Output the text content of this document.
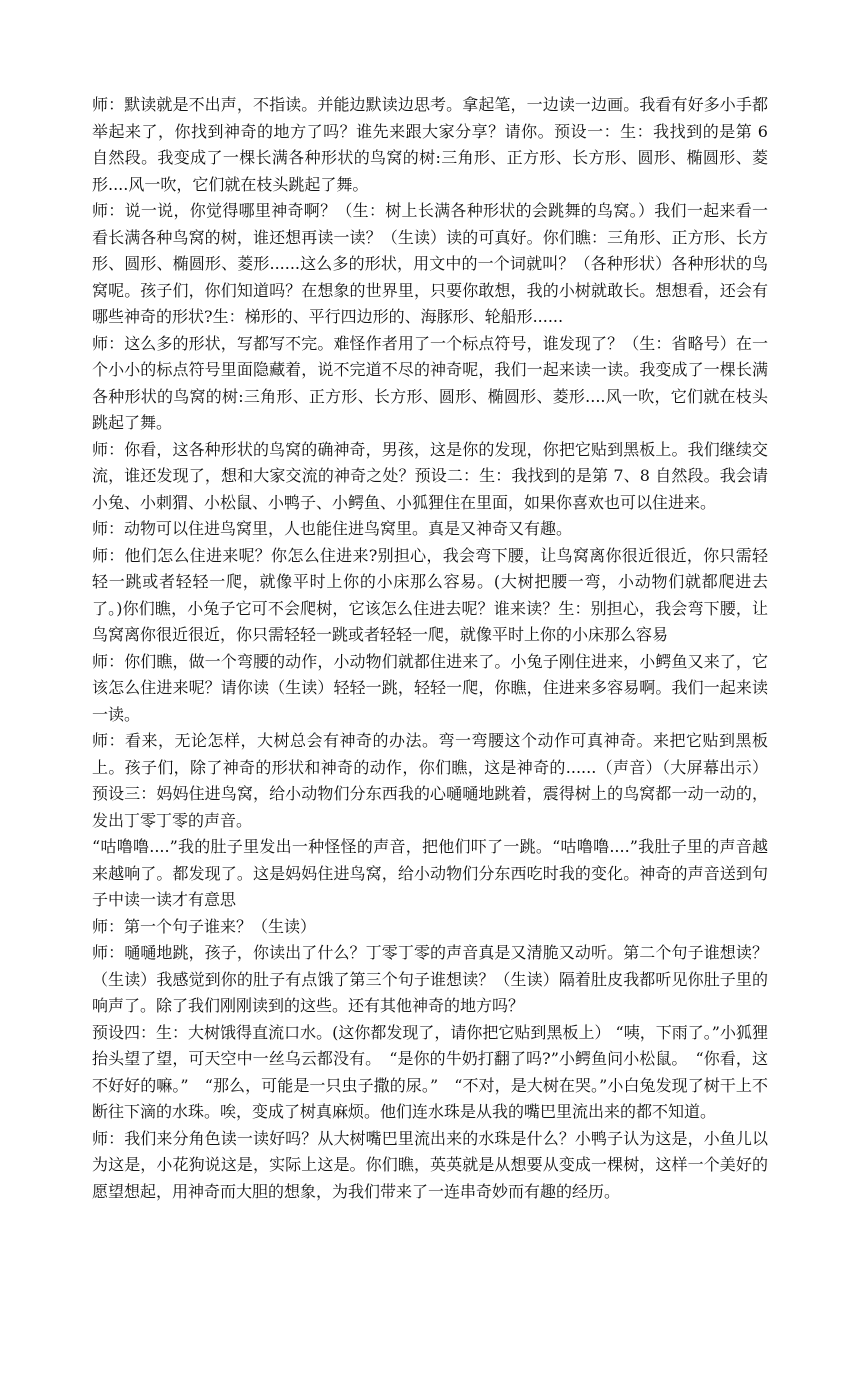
师：默读就是不出声，不指读。并能边默读边思考。拿起笔，一边读一边画。我看有好多小手都举起来了，你找到神奇的地方了吗？谁先来跟大家分享？请你。预设一：生：我找到的是第 6 自然段。我变成了一棵长满各种形状的鸟窝的树:三角形、正方形、长方形、圆形、椭圆形、菱形....风一吹，它们就在枝头跳起了舞。

师：说一说，你觉得哪里神奇啊？（生：树上长满各种形状的会跳舞的鸟窝。）我们一起来看一看长满各种鸟窝的树，谁还想再读一读？（生读）读的可真好。你们瞧：三角形、正方形、长方形、圆形、椭圆形、菱形......这么多的形状，用文中的一个词就叫？（各种形状）各种形状的鸟窝呢。孩子们，你们知道吗？在想象的世界里，只要你敢想，我的小树就敢长。想想看，还会有哪些神奇的形状?生：梯形的、平行四边形的、海豚形、轮船形......

师：这么多的形状，写都写不完。难怪作者用了一个标点符号，谁发现了？（生：省略号）在一个小小的标点符号里面隐藏着，说不完道不尽的神奇呢，我们一起来读一读。我变成了一棵长满各种形状的鸟窝的树:三角形、正方形、长方形、圆形、椭圆形、菱形....风一吹，它们就在枝头跳起了舞。

师：你看，这各种形状的鸟窝的确神奇，男孩，这是你的发现，你把它贴到黑板上。我们继续交流，谁还发现了，想和大家交流的神奇之处？预设二：生：我找到的是第 7、8 自然段。我会请小兔、小刺猬、小松鼠、小鸭子、小鳄鱼、小狐狸住在里面，如果你喜欢也可以住进来。

师：动物可以住进鸟窝里，人也能住进鸟窝里。真是又神奇又有趣。

师：他们怎么住进来呢？你怎么住进来?别担心，我会弯下腰，让鸟窝离你很近很近，你只需轻轻一跳或者轻轻一爬，就像平时上你的小床那么容易。(大树把腰一弯，小动物们就都爬进去了。)你们瞧，小兔子它可不会爬树，它该怎么住进去呢？谁来读？生：别担心，我会弯下腰，让鸟窝离你很近很近，你只需轻轻一跳或者轻轻一爬，就像平时上你的小床那么容易

师：你们瞧，做一个弯腰的动作，小动物们就都住进来了。小兔子刚住进来，小鳄鱼又来了，它该怎么住进来呢？请你读（生读）轻轻一跳，轻轻一爬，你瞧，住进来多容易啊。我们一起来读一读。

师：看来，无论怎样，大树总会有神奇的办法。弯一弯腰这个动作可真神奇。来把它贴到黑板上。孩子们，除了神奇的形状和神奇的动作，你们瞧，这是神奇的......（声音）（大屏幕出示）预设三：妈妈住进鸟窝，给小动物们分东西我的心嗵嗵地跳着，震得树上的鸟窝都一动一动的，发出丁零丁零的声音。

“咕噜噜....”我的肚子里发出一种怪怪的声音，把他们吓了一跳。“咕噜噜....”我肚子里的声音越来越响了。都发现了。这是妈妈住进鸟窝，给小动物们分东西吃时我的变化。神奇的声音送到句子中读一读才有意思

师：第一个句子谁来？（生读）

师：嗵嗵地跳，孩子，你读出了什么？丁零丁零的声音真是又清脆又动听。第二个句子谁想读？（生读）我感觉到你的肚子有点饿了第三个句子谁想读？（生读）隔着肚皮我都听见你肚子里的响声了。除了我们刚刚读到的这些。还有其他神奇的地方吗？

预设四：生：大树饿得直流口水。(这你都发现了，请你把它贴到黑板上） “咦，下雨了。”小狐狸抬头望了望，可天空中一丝乌云都没有。　“是你的牛奶打翻了吗?”小鳄鱼问小松鼠。　“你看，这不好好的嘛。”　“那么，可能是一只虫子撒的尿。”　“不对，是大树在哭。”小白兔发现了树干上不断往下滴的水珠。唉，变成了树真麻烦。他们连水珠是从我的嘴巴里流出来的都不知道。

师：我们来分角色读一读好吗？从大树嘴巴里流出来的水珠是什么？小鸭子认为这是，小鱼儿以为这是，小花狗说这是，实际上这是。你们瞧，英英就是从想要从变成一棵树，这样一个美好的愿望想起，用神奇而大胆的想象，为我们带来了一连串奇妙而有趣的经历。
